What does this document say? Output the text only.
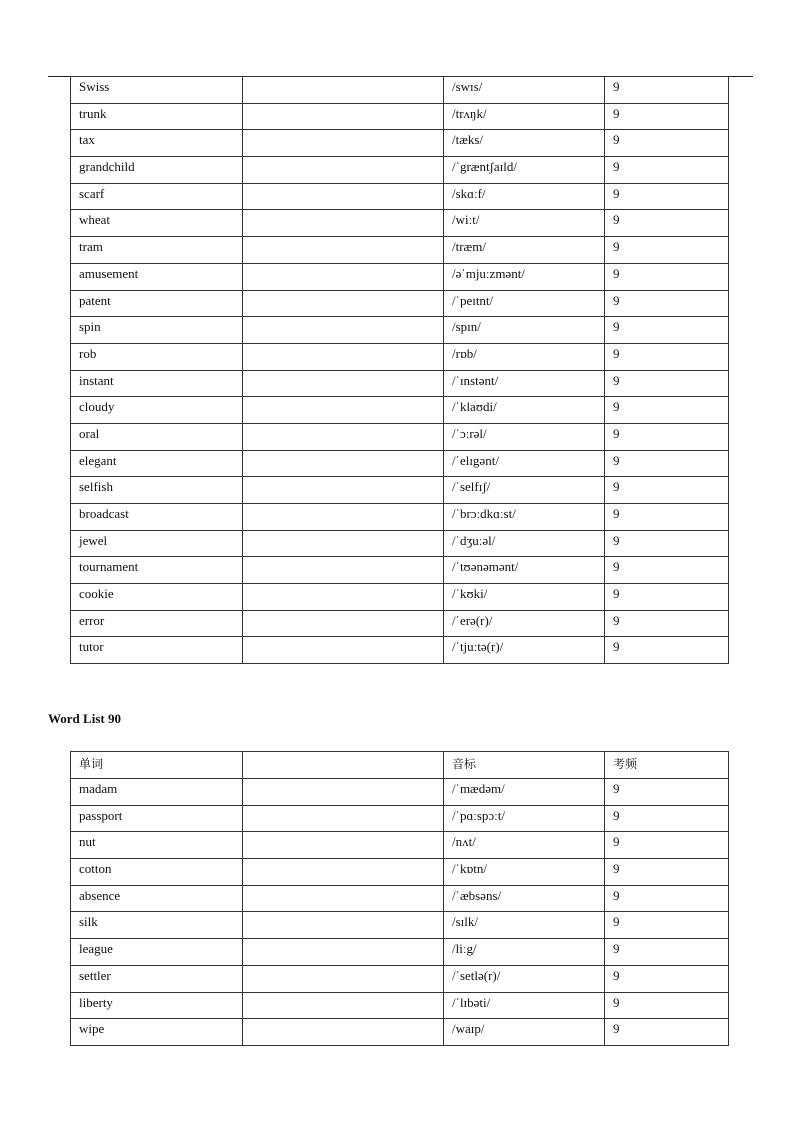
Swiss		/swɪs/	9
trunk		/trʌŋk/	9
tax		/tæks/	9
grandchild		/ˈgræntʃaɪld/	9
scarf		/skɑːf/	9
wheat		/wiːt/	9
tram		/træm/	9
amusement		/əˈmjuːzmənt/	9
patent		/ˈpeɪtnt/	9
spin		/spɪn/	9
rob		/rɒb/	9
instant		/ˈɪnstənt/	9
cloudy		/ˈklaʊdi/	9
oral		/ˈɔːrəl/	9
elegant		/ˈelɪgənt/	9
selfish		/ˈselfɪʃ/	9
broadcast		/ˈbrɔːdkɑːst/	9
jewel		/ˈdʒuːəl/	9
tournament		/ˈtʊənəmənt/	9
cookie		/ˈkʊki/	9
error		/ˈerə(r)/	9
tutor		/ˈtjuːtə(r)/	9
Word List 90
单词		音标	考频
madam		/ˈmædəm/	9
passport		/ˈpɑːspɔːt/	9
nut		/nʌt/	9
cotton		/ˈkɒtn/	9
absence		/ˈæbsəns/	9
silk		/sɪlk/	9
league		/liːg/	9
settler		/ˈsetlə(r)/	9
liberty		/ˈlɪbəti/	9
wipe		/waɪp/	9
